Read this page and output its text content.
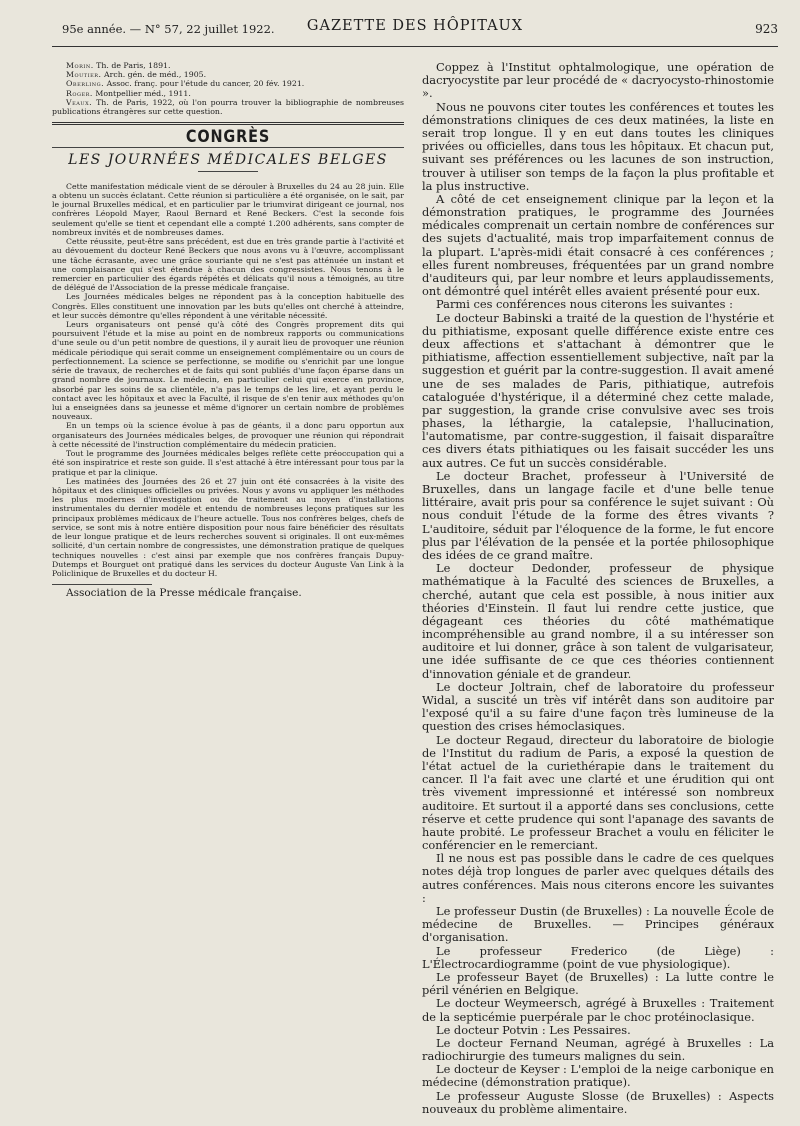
95e année. — N° 57, 22 juillet 1922.	GAZETTE DES HÔPITAUX	923

Morin. Th. de Paris, 1891.

Moutier. Arch. gén. de méd., 1905.

Oberling. Assoc. franç. pour l'étude du cancer, 20 fév. 1921.

Roger. Montpellier méd., 1911.

Veaux. Th. de Paris, 1922, où l'on pourra trouver la bibliographie de nombreuses publications étrangères sur cette question.

CONGRÈS
LES JOURNÉES MÉDICALES BELGES

Cette manifestation médicale vient de se dérouler à Bruxelles du 24 au 28 juin. Elle a obtenu un succès éclatant. Cette réunion si particulière a été organisée, on le sait, par le journal Bruxelles médical, et en particulier par le triumvirat dirigeant ce journal, nos confrères Léopold Mayer, Raoul Bernard et René Beckers. C'est la seconde fois seulement qu'elle se tient et cependant elle a compté 1.200 adhérents, sans compter de nombreux invités et de nombreuses dames.

Cette réussite, peut-être sans précédent, est due en très grande partie à l'activité et au dévouement du docteur René Beckers que nous avons vu à l'œuvre, accomplissant une tâche écrasante, avec une grâce souriante qui ne s'est pas atténuée un instant et une complaisance qui s'est étendue à chacun des congressistes. Nous tenons à le remercier en particulier des égards répétés et délicats qu'il nous a témoignés, au titre de délégué de l'Association de la presse médicale française.

Les Journées médicales belges ne répondent pas à la conception habituelle des Congrès. Elles constituent une innovation par les buts qu'elles ont cherché à atteindre, et leur succès démontre qu'elles répondent à une véritable nécessité.

Leurs organisateurs ont pensé qu'à côté des Congrès proprement dits qui poursuivent l'étude et la mise au point en de nombreux rapports ou communications d'une seule ou d'un petit nombre de questions, il y aurait lieu de provoquer une réunion médicale périodique qui serait comme un enseignement complémentaire ou un cours de perfectionnement. La science se perfectionne, se modifie ou s'enrichit par une longue série de travaux, de recherches et de faits qui sont publiés d'une façon éparse dans un grand nombre de journaux. Le médecin, en particulier celui qui exerce en province, absorbé par les soins de sa clientèle, n'a pas le temps de les lire, et ayant perdu le contact avec les hôpitaux et avec la Faculté, il risque de s'en tenir aux méthodes qu'on lui a enseignées dans sa jeunesse et même d'ignorer un certain nombre de problèmes nouveaux.

En un temps où la science évolue à pas de géants, il a donc paru opportun aux organisateurs des Journées médicales belges, de provoquer une réunion qui répondrait à cette nécessité de l'instruction complémentaire du médecin praticien.

Tout le programme des Journées médicales belges reflète cette préoccupation qui a été son inspiratrice et reste son guide. Il s'est attaché à être intéressant pour tous par la pratique et par la clinique.

Les matinées des Journées des 26 et 27 juin ont été consacrées à la visite des hôpitaux et des cliniques officielles ou privées. Nous y avons vu appliquer les méthodes les plus modernes d'investigation ou de traitement au moyen d'installations instrumentales du dernier modèle et entendu de nombreuses leçons pratiques sur les principaux problèmes médicaux de l'heure actuelle. Tous nos confrères belges, chefs de service, se sont mis à notre entière disposition pour nous faire bénéficier des résultats de leur longue pratique et de leurs recherches souvent si originales. Il ont eux-mêmes sollicité, d'un certain nombre de congressistes, une démonstration pratique de quelques techniques nouvelles : c'est ainsi par exemple que nos confrères français Dupuy-Dutemps et Bourguet ont pratiqué dans les services du docteur Auguste Van Link à la Policlinique de Bruxelles et du docteur H.

Association de la Presse médicale française.

Coppez à l'Institut ophtalmologique, une opération de dacryocystite par leur procédé de « dacryocysto-rhinostomie ».

Nous ne pouvons citer toutes les conférences et toutes les démonstrations cliniques de ces deux matinées, la liste en serait trop longue. Il y en eut dans toutes les cliniques privées ou officielles, dans tous les hôpitaux. Et chacun put, suivant ses préférences ou les lacunes de son instruction, trouver à utiliser son temps de la façon la plus profitable et la plus instructive.

A côté de cet enseignement clinique par la leçon et la démonstration pratiques, le programme des Journées médicales comprenait un certain nombre de conférences sur des sujets d'actualité, mais trop imparfaitement connus de la plupart. L'après-midi était consacré à ces conférences ; elles furent nombreuses, fréquentées par un grand nombre d'auditeurs qui, par leur nombre et leurs applaudissements, ont démontré quel intérêt elles avaient présenté pour eux.

Parmi ces conférences nous citerons les suivantes :

Le docteur Babinski a traité de la question de l'hystérie et du pithiatisme, exposant quelle différence existe entre ces deux affections et s'attachant à démontrer que le pithiatisme, affection essentiellement subjective, naît par la suggestion et guérit par la contre-suggestion. Il avait amené une de ses malades de Paris, pithiatique, autrefois cataloguée d'hystérique, il a déterminé chez cette malade, par suggestion, la grande crise convulsive avec ses trois phases, la léthargie, la catalepsie, l'hallucination, l'automatisme, par contre-suggestion, il faisait disparaître ces divers états pithiatiques ou les faisait succéder les uns aux autres. Ce fut un succès considérable.

Le docteur Brachet, professeur à l'Université de Bruxelles, dans un langage facile et d'une belle tenue littéraire, avait pris pour sa conférence le sujet suivant : Où nous conduit l'étude de la forme des êtres vivants ? L'auditoire, séduit par l'éloquence de la forme, le fut encore plus par l'élévation de la pensée et la portée philosophique des idées de ce grand maître.

Le docteur Dedonder, professeur de physique mathématique à la Faculté des sciences de Bruxelles, a cherché, autant que cela est possible, à nous initier aux théories d'Einstein. Il faut lui rendre cette justice, que dégageant ces théories du côté mathématique incompréhensible au grand nombre, il a su intéresser son auditoire et lui donner, grâce à son talent de vulgarisateur, une idée suffisante de ce que ces théories contiennent d'innovation géniale et de grandeur.

Le docteur Joltrain, chef de laboratoire du professeur Widal, a suscité un très vif intérêt dans son auditoire par l'exposé qu'il a su faire d'une façon très lumineuse de la question des crises hémoclasiques.

Le docteur Regaud, directeur du laboratoire de biologie de l'Institut du radium de Paris, a exposé la question de l'état actuel de la curiethérapie dans le traitement du cancer. Il l'a fait avec une clarté et une érudition qui ont très vivement impressionné et intéressé son nombreux auditoire. Et surtout il a apporté dans ses conclusions, cette réserve et cette prudence qui sont l'apanage des savants de haute probité. Le professeur Brachet a voulu en féliciter le conférencier en le remerciant.

Il ne nous est pas possible dans le cadre de ces quelques notes déjà trop longues de parler avec quelques détails des autres conférences. Mais nous citerons encore les suivantes :

Le professeur Dustin (de Bruxelles) : La nouvelle École de médecine de Bruxelles. — Principes généraux d'organisation.

Le professeur Frederico (de Liège) : L'Électrocardiogramme (point de vue physiologique).

Le professeur Bayet (de Bruxelles) : La lutte contre le péril vénérien en Belgique.

Le docteur Weymeersch, agrégé à Bruxelles : Traitement de la septicémie puerpérale par le choc protéinoclasique.

Le docteur Potvin : Les Pessaires.

Le docteur Fernand Neuman, agrégé à Bruxelles : La radiochirurgie des tumeurs malignes du sein.

Le docteur de Keyser : L'emploi de la neige carbonique en médecine (démonstration pratique).

Le professeur Auguste Slosse (de Bruxelles) : Aspects nouveaux du problème alimentaire.
